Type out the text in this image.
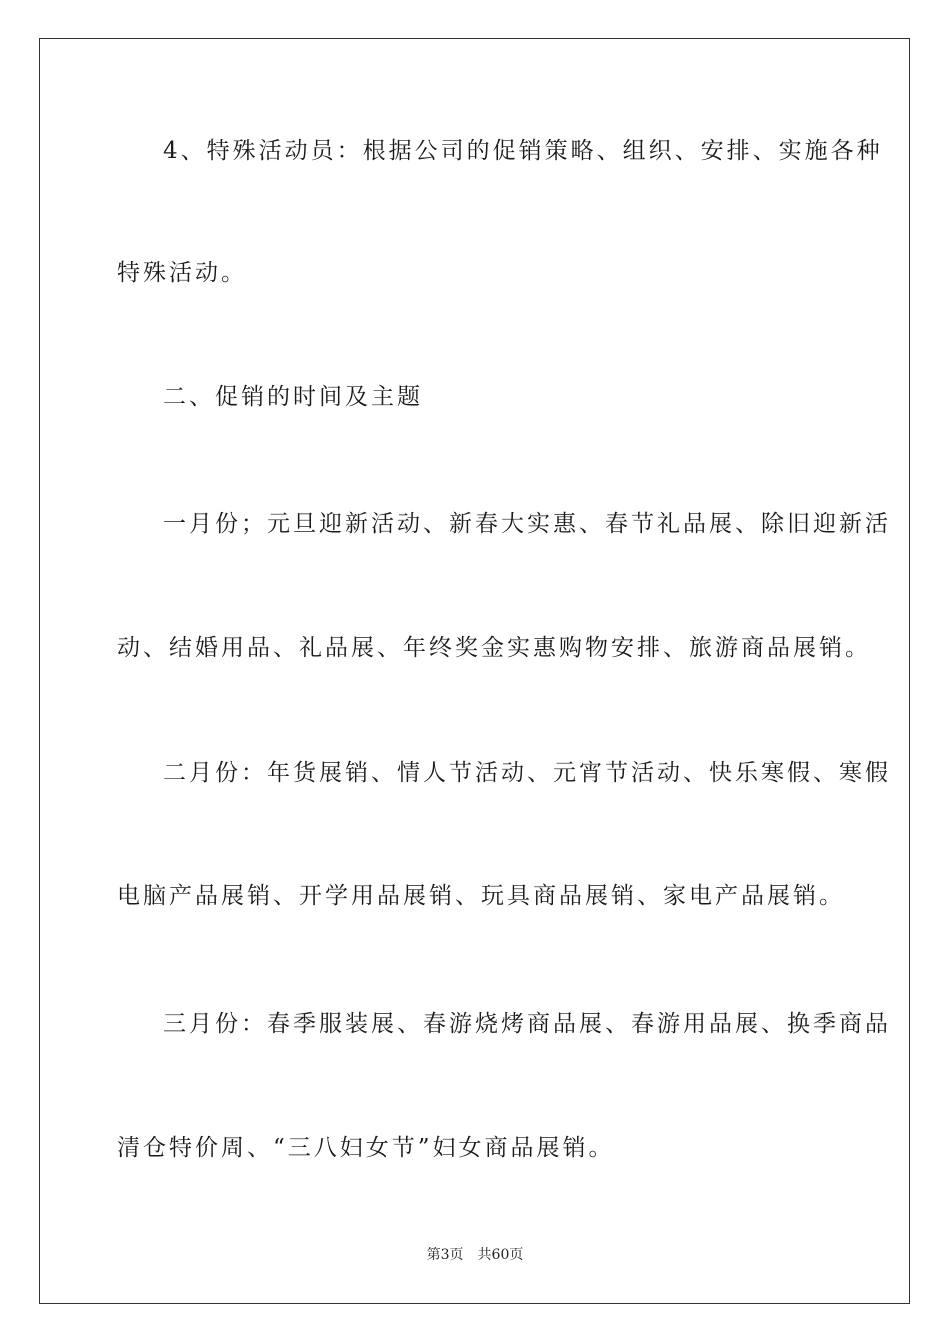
4、特殊活动员：根据公司的促销策略、组织、安排、实施各种
特殊活动。
二、促销的时间及主题
一月份；元旦迎新活动、新春大实惠、春节礼品展、除旧迎新活
动、结婚用品、礼品展、年终奖金实惠购物安排、旅游商品展销。
二月份：年货展销、情人节活动、元宵节活动、快乐寒假、寒假
电脑产品展销、开学用品展销、玩具商品展销、家电产品展销。
三月份：春季服装展、春游烧烤商品展、春游用品展、换季商品
清仓特价周、“三八妇女节”妇女商品展销。
第3页 共60页
